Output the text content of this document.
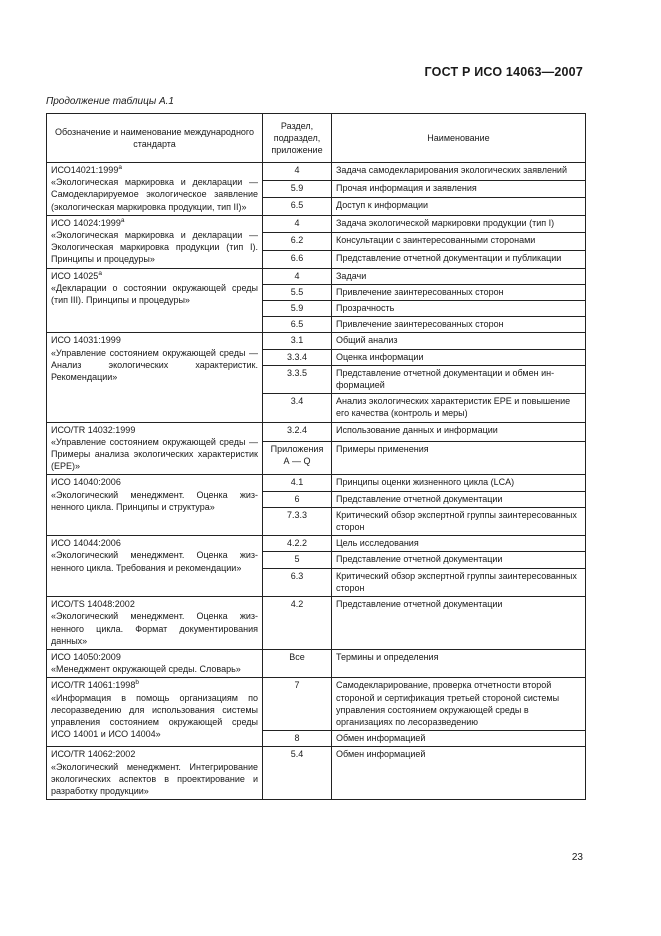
ГОСТ Р ИСО 14063—2007
Продолжение таблицы А.1
Обозначение и наименование международного стандарта	Раздел, подраздел, приложение	Наименование

ИСО14021:1999$^a$
«Экологическая маркировка и декларации — Самодекларируемое экологическое заявление (экологическая маркировка продукции, тип II)»	4	Задача самодекларирования экологических заявлений
	5.9	Прочая информация и заявления
	6.5	Доступ к информации

ИСО 14024:1999$^a$
«Экологическая маркировка и декларации — Экологическая маркировка продукции (тип I). Принципы и процедуры»	4	Задача экологической маркировки продукции (тип I)
	6.2	Консультации с заинтересованными сторонами
	6.6	Представление отчетной документации и публикации

ИСО 14025$^a$
«Декларации о состоянии окружающей среды (тип III). Принципы и процедуры»	4	Задачи
	5.5	Привлечение заинтересованных сторон
	5.9	Прозрачность
	6.5	Привлечение заинтересованных сторон

ИСО 14031:1999
«Управление состоянием окружающей среды — Анализ экологических характеристик. Рекомендации»	3.1	Общий анализ
	3.3.4	Оценка информации
	3.3.5	Представление отчетной документации и обмен информацией
	3.4	Анализ экологических характеристик EPE и повышение его качества (контроль и меры)

ИСО/TR 14032:1999
«Управление состоянием окружающей среды — Примеры анализа экологических характеристик (EPE)»	3.2.4	Использование данных и информации
	Приложения А — Q	Примеры применения

ИСО 14040:2006
«Экологический менеджмент. Оценка жизненного цикла. Принципы и структура»	4.1	Принципы оценки жизненного цикла (LCA)
	6	Представление отчетной документации
	7.3.3	Критический обзор экспертной группы заинтересованных сторон

ИСО 14044:2006
«Экологический менеджмент. Оценка жизненного цикла. Требования и рекомендации»	4.2.2	Цель исследования
	5	Представление отчетной документации
	6.3	Критический обзор экспертной группы заинтересованных сторон

ИСО/TS 14048:2002
«Экологический менеджмент. Оценка жизненного цикла. Формат документирования данных»	4.2	Представление отчетной документации

ИСО 14050:2009
«Менеджмент окружающей среды. Словарь»	Все	Термины и определения

ИСО/TR 14061:1998$^b$
«Информация в помощь организациям по лесоразведению для использования системы управления состоянием окружающей среды ИСО 14001 и ИСО 14004»	7	Самодекларирование, проверка отчетности второй стороной и сертификация третьей стороной системы управления состоянием окружающей среды в организациях по лесоразведению
	8	Обмен информацией

ИСО/TR 14062:2002
«Экологический менеджмент. Интегрирование экологических аспектов в проектирование и разработку продукции»	5.4	Обмен информацией
23
